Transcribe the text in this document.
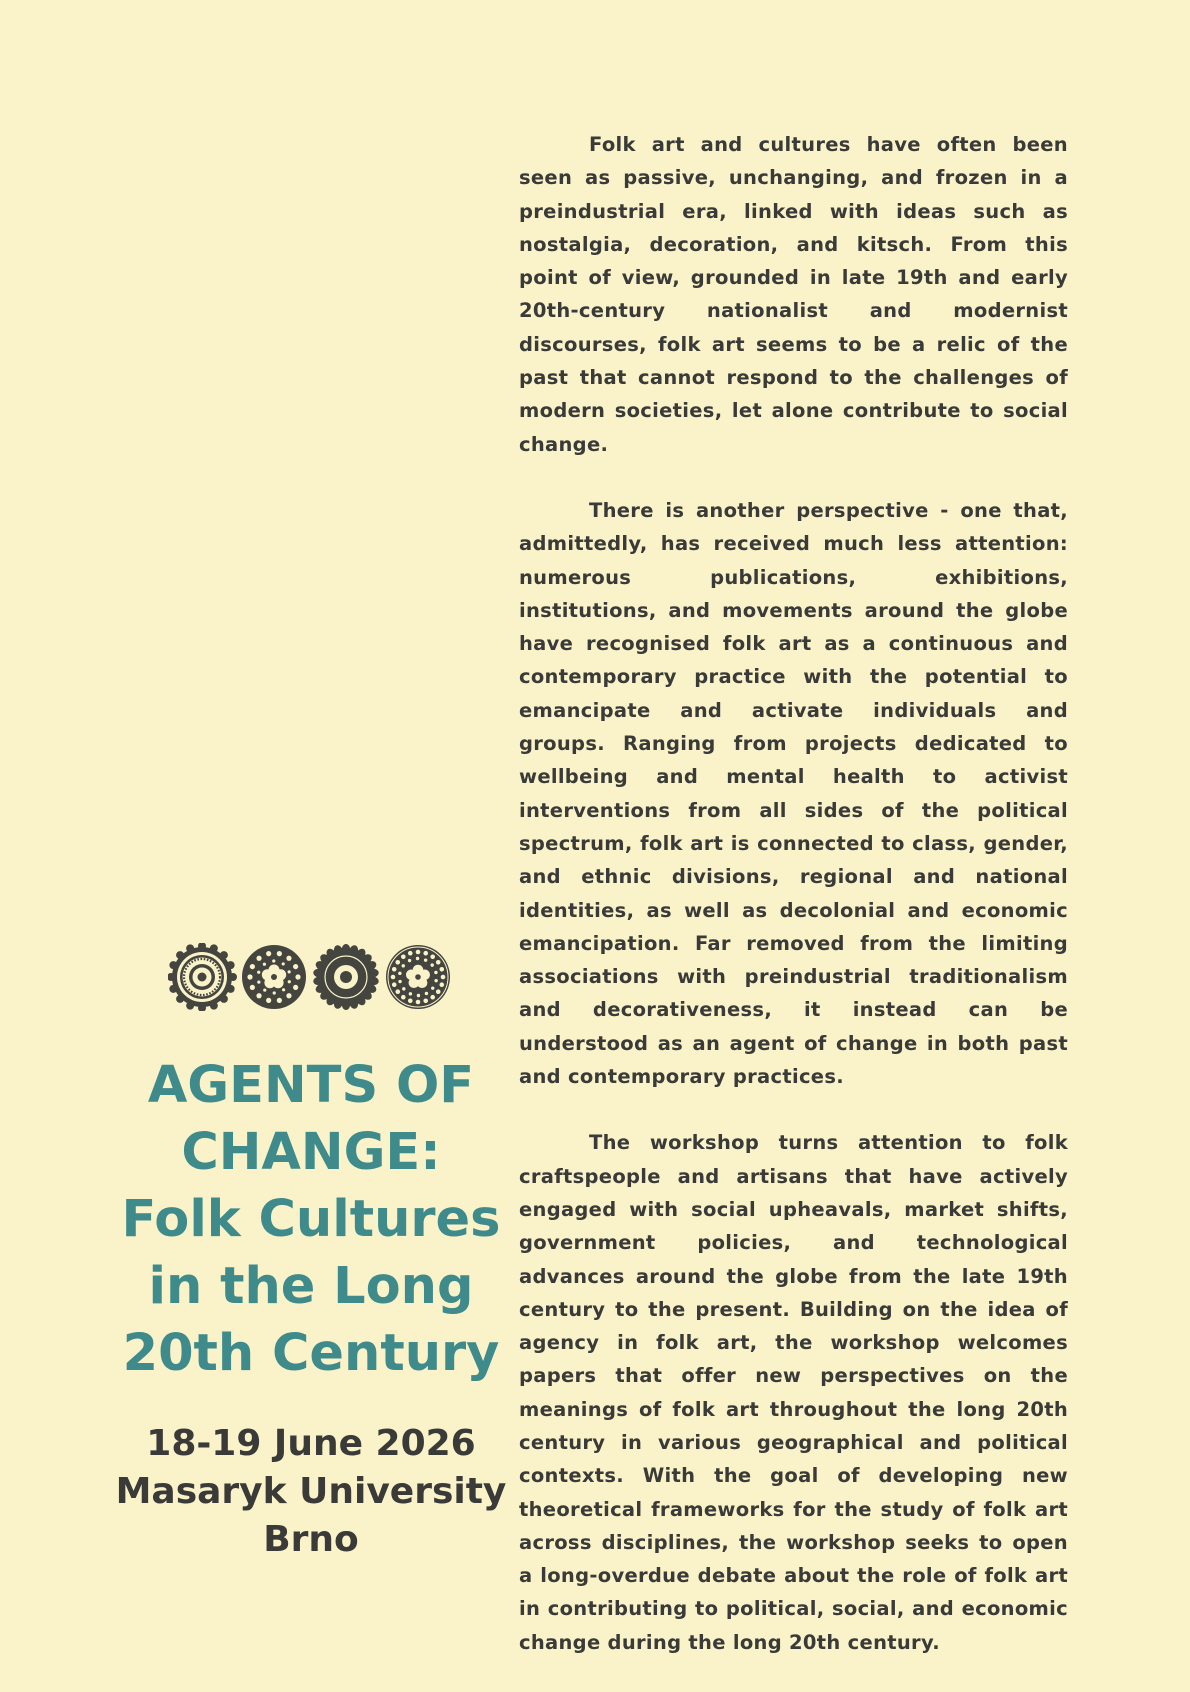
Folk art and cultures have often been seen as passive, unchanging, and frozen in a preindustrial era, linked with ideas such as nostalgia, decoration, and kitsch. From this point of view, grounded in late 19th and early 20th-century nationalist and modernist discourses, folk art seems to be a relic of the past that cannot respond to the challenges of modern societies, let alone contribute to social change.

There is another perspective - one that, admittedly, has received much less attention: numerous publications, exhibitions, institutions, and movements around the globe have recognised folk art as a continuous and contemporary practice with the potential to emancipate and activate individuals and groups. Ranging from projects dedicated to wellbeing and mental health to activist interventions from all sides of the political spectrum, folk art is connected to class, gender, and ethnic divisions, regional and national identities, as well as decolonial and economic emancipation. Far removed from the limiting associations with preindustrial traditionalism and decorativeness, it instead can be understood as an agent of change in both past and contemporary practices.

The workshop turns attention to folk craftspeople and artisans that have actively engaged with social upheavals, market shifts, government policies, and technological advances around the globe from the late 19th century to the present. Building on the idea of agency in folk art, the workshop welcomes papers that offer new perspectives on the meanings of folk art throughout the long 20th century in various geographical and political contexts. With the goal of developing new theoretical frameworks for the study of folk art across disciplines, the workshop seeks to open a long-overdue debate about the role of folk art in contributing to political, social, and economic change during the long 20th century.

AGENTS OF
CHANGE:
Folk Cultures
in the Long
20th Century
18-19 June 2026
Masaryk University
Brno
